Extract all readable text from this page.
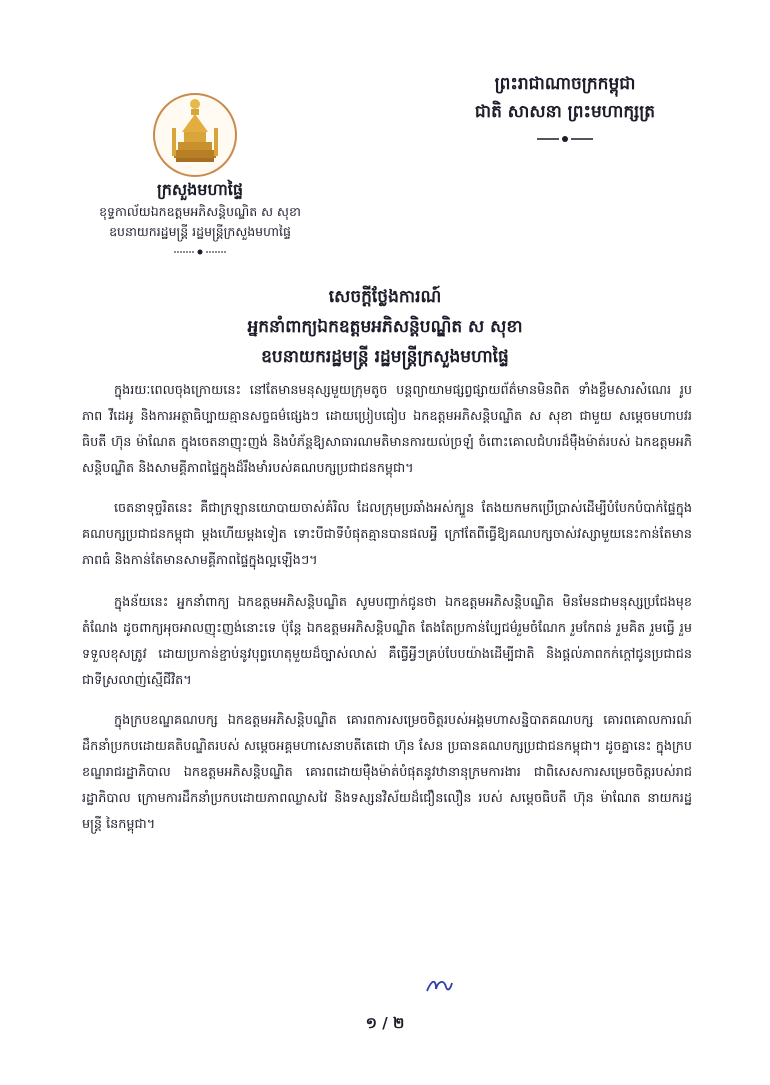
ព្រះរាជាណាចក្រកម្ពុជា
ជាតិ សាសនា ព្រះមហាក្សត្រ
ក្រសួងមហាផ្ទៃ
ខុទ្ទកាល័យឯកឧត្តមអភិសន្តិបណ្ឌិត ស សុខា
ឧបនាយករដ្ឋមន្ត្រី រដ្ឋមន្ត្រីក្រសួងមហាផ្ទៃ
សេចក្តីថ្លែងការណ៍
អ្នកនាំពាក្យឯកឧត្តមអភិសន្តិបណ្ឌិត ស សុខា
ឧបនាយករដ្ឋមន្ត្រី រដ្ឋមន្ត្រីក្រសួងមហាផ្ទៃ

ក្នុងរយៈពេលចុងក្រោយនេះ នៅតែមានមនុស្សមួយក្រុមតូច បន្តព្យាយាមផ្សព្វផ្សាយព័ត៌មានមិនពិត ទាំងខ្លឹមសារសំណេរ រូបភាព វីដេអូ និងការអត្ថាធិប្បាយគ្មានសច្ចធម៌ផ្សេងៗ ដោយប្រៀបធៀប ឯកឧត្តមអភិសន្តិបណ្ឌិត ស សុខា ជាមួយ សម្តេចមហាបវរធិបតី ហ៊ុន ម៉ាណែត ក្នុងចេតនាញុះញង់ និងបំភ័ន្តឱ្យសាធារណមតិមានការយល់ច្រឡំ ចំពោះគោលជំហរដ៏មុឺងម៉ាត់របស់ ឯកឧត្តមអភិសន្តិបណ្ឌិត និងសាមគ្គីភាពផ្ទៃក្នុងដ៏រឹងមាំរបស់គណបក្សប្រជាជនកម្ពុជា។

ចេតនាទុច្ចរិតនេះ គឺជាក្រឡានយោបាយចាស់គំរិល ដែលក្រុមប្រឆាំងអស់ក្បួន តែងយកមកប្រើប្រាស់ដើម្បីបំបែកបំបាក់ផ្ទៃក្នុងគណបក្សប្រជាជនកម្ពុជា ម្តងហើយម្តងទៀត ទោះបីជាទីបំផុតគ្មានបានផលអ្វី ក្រៅតែពីធ្វើឱ្យគណបក្សចាស់វស្សាមួយនេះកាន់តែមានភាពធំ និងកាន់តែមានសាមគ្គីភាពផ្ទៃក្នុងល្អឡើងៗ។

ក្នុងន័យនេះ អ្នកនាំពាក្យ ឯកឧត្តមអភិសន្តិបណ្ឌិត សូមបញ្ជាក់ជូនថា ឯកឧត្តមអភិសន្តិបណ្ឌិត មិនមែនជាមនុស្សប្រជែងមុខតំណែង ដូចពាក្យអុចអាលញុះញង់នោះទេ ប៉ុន្តែ ឯកឧត្តមអភិសន្តិបណ្ឌិត តែងតែប្រកាន់ប្បែជម៌រួមចំណែក រួមកែពន់ រួមគិត រួមធ្វើ រួមទទួលខុសត្រូវ ដោយប្រកាន់ខ្ជាប់នូវបុព្វហេតុមួយដ៏ច្បាស់លាស់ គឺធ្វើអ្វីៗគ្រប់បែបយ៉ាងដើម្បីជាតិ និងផ្តល់ភាពកក់ក្តៅជូនប្រជាជន ជាទីស្រលាញ់ស្មើជីវិត។

ក្នុងក្របខណ្ឌគណបក្ស ឯកឧត្តមអភិសន្តិបណ្ឌិត គោរពការសម្រេចចិត្តរបស់អង្គមហាសន្និបាតគណបក្ស គោរពគោលការណ៍ដឹកនាំប្រកបដោយគតិបណ្ឌិតរបស់ សម្តេចអគ្គមហាសេនាបតីតេជោ ហ៊ុន សែន ប្រធានគណបក្សប្រជាជនកម្ពុជា។ ដូចគ្នានេះ ក្នុងក្របខណ្ឌរាជរដ្ឋាភិបាល ឯកឧត្តមអភិសន្តិបណ្ឌិត គោរពដោយមុឺងម៉ាត់បំផុតនូវឋានានុក្រមការងារ ជាពិសេសការសម្រេចចិត្តរបស់រាជរដ្ឋាភិបាល ក្រោមការដឹកនាំប្រកបដោយភាពឈ្លាសវៃ និងទស្សនវិស័យដ៏ជឿនលឿន របស់ សម្តេចធិបតី ហ៊ុន ម៉ាណែត នាយករដ្ឋមន្ត្រី នៃកម្ពុជា។

១ / ២
